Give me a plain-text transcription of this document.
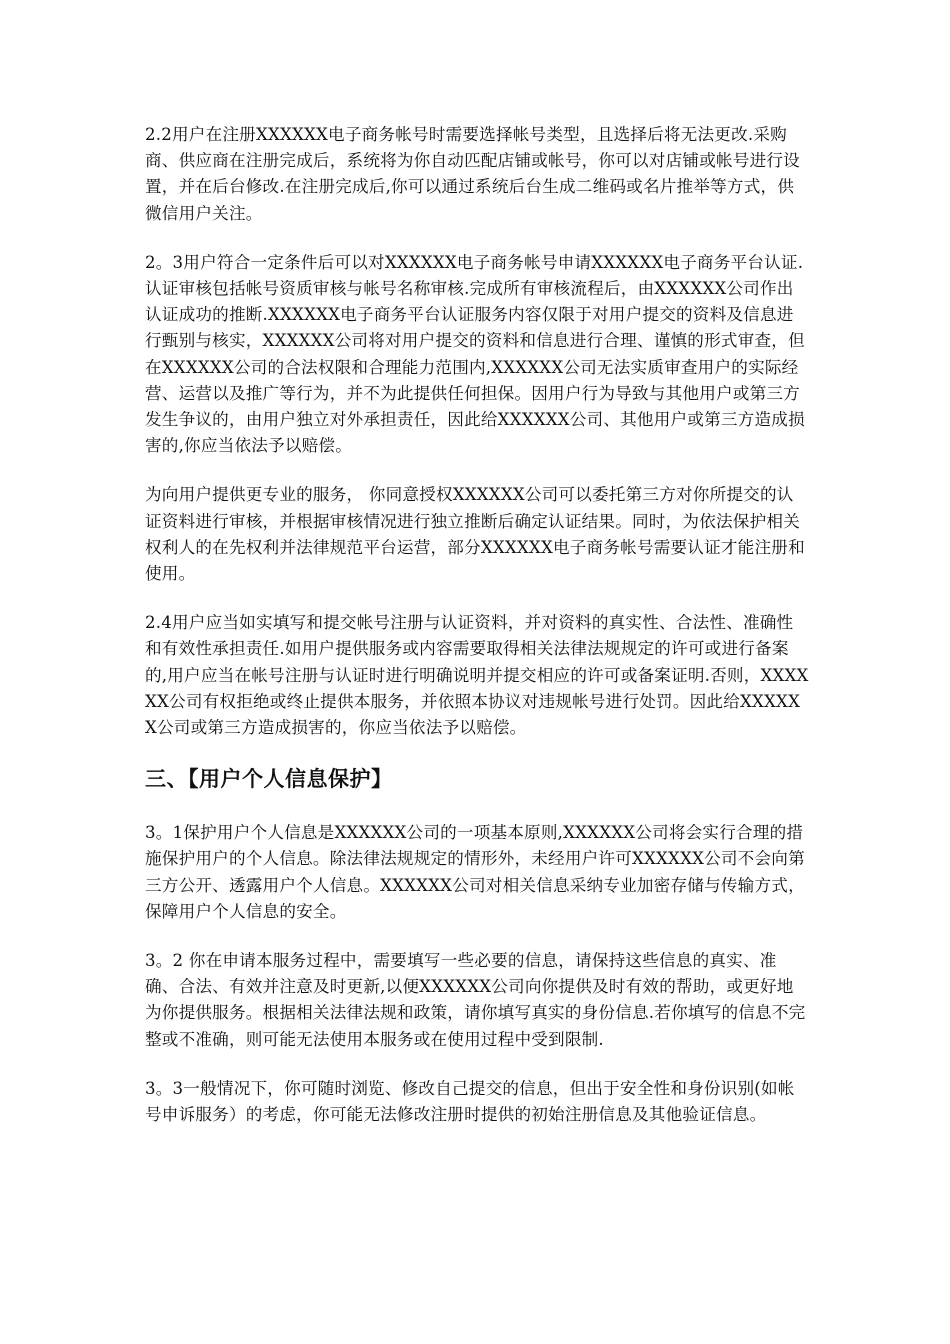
2.2用户在注册XXXXXX电子商务帐号时需要选择帐号类型，且选择后将无法更改.采购商、供应商在注册完成后，系统将为你自动匹配店铺或帐号，你可以对店铺或帐号进行设置，并在后台修改.在注册完成后,你可以通过系统后台生成二维码或名片推举等方式，供微信用户关注。

2。3用户符合一定条件后可以对XXXXXX电子商务帐号申请XXXXXX电子商务平台认证.认证审核包括帐号资质审核与帐号名称审核.完成所有审核流程后，由XXXXXX公司作出认证成功的推断.XXXXXX电子商务平台认证服务内容仅限于对用户提交的资料及信息进行甄别与核实，XXXXXX公司将对用户提交的资料和信息进行合理、谨慎的形式审查，但在XXXXXX公司的合法权限和合理能力范围内,XXXXXX公司无法实质审查用户的实际经营、运营以及推广等行为，并不为此提供任何担保。因用户行为导致与其他用户或第三方发生争议的，由用户独立对外承担责任，因此给XXXXXX公司、其他用户或第三方造成损害的,你应当依法予以赔偿。

为向用户提供更专业的服务， 你同意授权XXXXXX公司可以委托第三方对你所提交的认证资料进行审核，并根据审核情况进行独立推断后确定认证结果。同时，为依法保护相关权利人的在先权利并法律规范平台运营，部分XXXXXX电子商务帐号需要认证才能注册和使用。

2.4用户应当如实填写和提交帐号注册与认证资料，并对资料的真实性、合法性、准确性和有效性承担责任.如用户提供服务或内容需要取得相关法律法规规定的许可或进行备案的,用户应当在帐号注册与认证时进行明确说明并提交相应的许可或备案证明.否则，XXXXXX公司有权拒绝或终止提供本服务，并依照本协议对违规帐号进行处罚。因此给XXXXXX公司或第三方造成损害的，你应当依法予以赔偿。

三、【用户个人信息保护】

3。1保护用户个人信息是XXXXXX公司的一项基本原则,XXXXXX公司将会实行合理的措施保护用户的个人信息。除法律法规规定的情形外，未经用户许可XXXXXX公司不会向第三方公开、透露用户个人信息。XXXXXX公司对相关信息采纳专业加密存储与传输方式，保障用户个人信息的安全。

3。2 你在申请本服务过程中，需要填写一些必要的信息，请保持这些信息的真实、准确、合法、有效并注意及时更新,以便XXXXXX公司向你提供及时有效的帮助，或更好地为你提供服务。根据相关法律法规和政策，请你填写真实的身份信息.若你填写的信息不完整或不准确，则可能无法使用本服务或在使用过程中受到限制.

3。3一般情况下，你可随时浏览、修改自己提交的信息，但出于安全性和身份识别(如帐号申诉服务）的考虑，你可能无法修改注册时提供的初始注册信息及其他验证信息。
